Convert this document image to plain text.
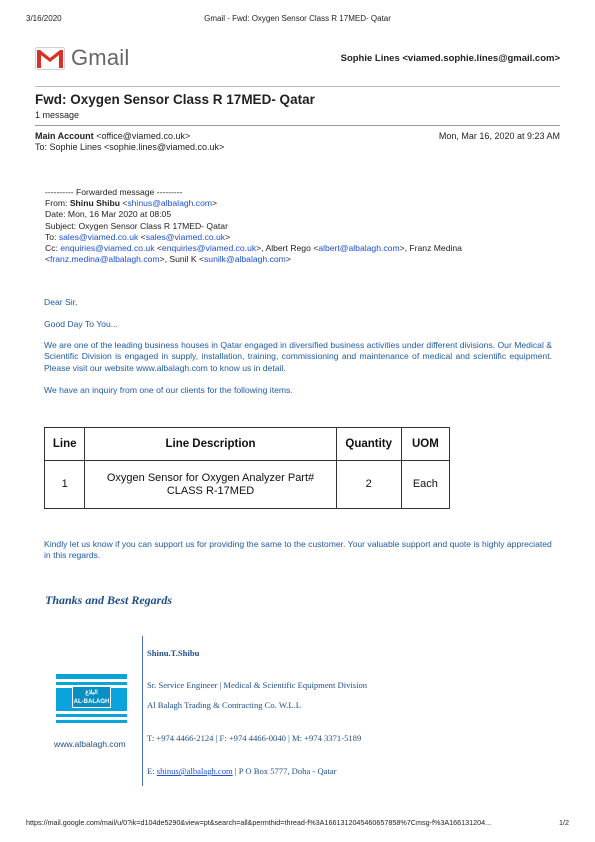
3/16/2020	Gmail - Fwd: Oxygen Sensor Class R 17MED- Qatar
Gmail	Sophie Lines <viamed.sophie.lines@gmail.com>
Fwd: Oxygen Sensor Class R 17MED- Qatar
1 message
Main Account <office@viamed.co.uk>	Mon, Mar 16, 2020 at 9:23 AM
To: Sophie Lines <sophie.lines@viamed.co.uk>
---------- Forwarded message ---------
From: Shinu Shibu <shinus@albalagh.com>
Date: Mon, 16 Mar 2020 at 08:05
Subject: Oxygen Sensor Class R 17MED- Qatar
To: sales@viamed.co.uk <sales@viamed.co.uk>
Cc: enquiries@viamed.co.uk <enquiries@viamed.co.uk>, Albert Rego <albert@albalagh.com>, Franz Medina
<franz.medina@albalagh.com>, Sunil K <sunilk@albalagh.com>
Dear Sir,
Good Day To You...
We are one of the leading business houses in Qatar engaged in diversified business activities under different divisions. Our Medical & Scientific Division is engaged in supply, installation, training, commissioning and maintenance of medical and scientific equipment. Please visit our website www.albalagh.com to know us in detail.
We have an inquiry from one of our clients for the following items.
Line	Line Description	Quantity	UOM
1	Oxygen Sensor for Oxygen Analyzer Part#
CLASS R-17MED	2	Each
Kindly let us know if you can support us for providing the same to the customer. Your valuable support and quote is highly appreciated in this regards.
Thanks and Best Regards
البلاغ
AL-BALAGH
www.albalagh.com
Shinu.T.Shibu
Sr. Service Engineer | Medical & Scientific Equipment Division
Al Balagh Trading & Contracting Co. W.L.L
T: +974 4466-2124 | F: +974 4466-0040 | M: +974 3371-5189
E: shinus@albalagh.com | P O Box 5777, Doha - Qatar
https://mail.google.com/mail/u/0?ik=d104de5290&view=pt&search=all&permthid=thread-f%3A1661312045460657858%7Cmsg-f%3A166131204...	1/2
